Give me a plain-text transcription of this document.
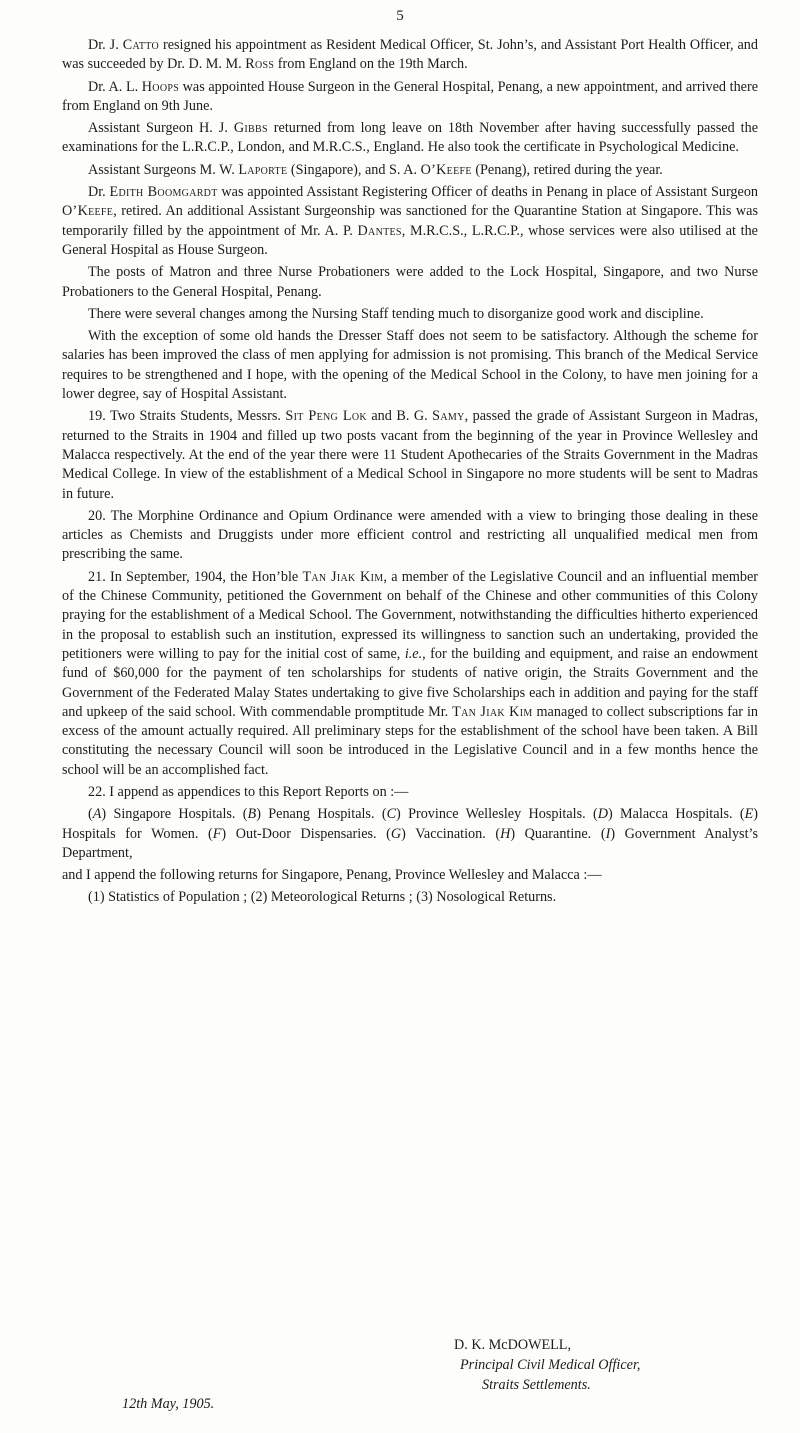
5

Dr. J. Catto resigned his appointment as Resident Medical Officer, St. John’s, and Assistant Port Health Officer, and was succeeded by Dr. D. M. M. Ross from England on the 19th March.

Dr. A. L. Hoops was appointed House Surgeon in the General Hospital, Penang, a new appointment, and arrived there from England on 9th June.

Assistant Surgeon H. J. Gibbs returned from long leave on 18th November after having successfully passed the examinations for the L.R.C.P., London, and M.R.C.S., England. He also took the certificate in Psychological Medicine.

Assistant Surgeons M. W. Laporte (Singapore), and S. A. O’Keefe (Penang), retired during the year.

Dr. Edith Boomgardt was appointed Assistant Registering Officer of deaths in Penang in place of Assistant Surgeon O’Keefe, retired. An additional Assistant Surgeonship was sanctioned for the Quarantine Station at Singapore. This was temporarily filled by the appointment of Mr. A. P. Dantes, M.R.C.S., L.R.C.P., whose services were also utilised at the General Hospital as House Surgeon.

The posts of Matron and three Nurse Probationers were added to the Lock Hospital, Singapore, and two Nurse Probationers to the General Hospital, Penang.

There were several changes among the Nursing Staff tending much to disorganize good work and discipline.

With the exception of some old hands the Dresser Staff does not seem to be satisfactory. Although the scheme for salaries has been improved the class of men applying for admission is not promising. This branch of the Medical Service requires to be strengthened and I hope, with the opening of the Medical School in the Colony, to have men joining for a lower degree, say of Hospital Assistant.

19. Two Straits Students, Messrs. Sit Peng Lok and B. G. Samy, passed the grade of Assistant Surgeon in Madras, returned to the Straits in 1904 and filled up two posts vacant from the beginning of the year in Province Wellesley and Malacca respectively. At the end of the year there were 11 Student Apothecaries of the Straits Government in the Madras Medical College. In view of the establishment of a Medical School in Singapore no more students will be sent to Madras in future.

20. The Morphine Ordinance and Opium Ordinance were amended with a view to bringing those dealing in these articles as Chemists and Druggists under more efficient control and restricting all unqualified medical men from prescribing the same.

21. In September, 1904, the Hon’ble Tan Jiak Kim, a member of the Legislative Council and an influential member of the Chinese Community, petitioned the Government on behalf of the Chinese and other communities of this Colony praying for the establishment of a Medical School. The Government, notwithstanding the difficulties hitherto experienced in the proposal to establish such an institution, expressed its willingness to sanction such an undertaking, provided the petitioners were willing to pay for the initial cost of same, i.e., for the building and equipment, and raise an endowment fund of $60,000 for the payment of ten scholarships for students of native origin, the Straits Government and the Government of the Federated Malay States undertaking to give five Scholarships each in addition and paying for the staff and upkeep of the said school. With commendable promptitude Mr. Tan Jiak Kim managed to collect subscriptions far in excess of the amount actually required. All preliminary steps for the establishment of the school have been taken. A Bill constituting the necessary Council will soon be introduced in the Legislative Council and in a few months hence the school will be an accomplished fact.

22. I append as appendices to this Report Reports on :—

(A) Singapore Hospitals. (B) Penang Hospitals. (C) Province Wellesley Hospitals. (D) Malacca Hospitals. (E) Hospitals for Women. (F) Out-Door Dispensaries. (G) Vaccination. (H) Quarantine. (I) Government Analyst’s Department,

and I append the following returns for Singapore, Penang, Province Wellesley and Malacca :—

(1) Statistics of Population ; (2) Meteorological Returns ; (3) Nosological Returns.

D. K. McDOWELL,
Principal Civil Medical Officer,
Straits Settlements.
12th May, 1905.
